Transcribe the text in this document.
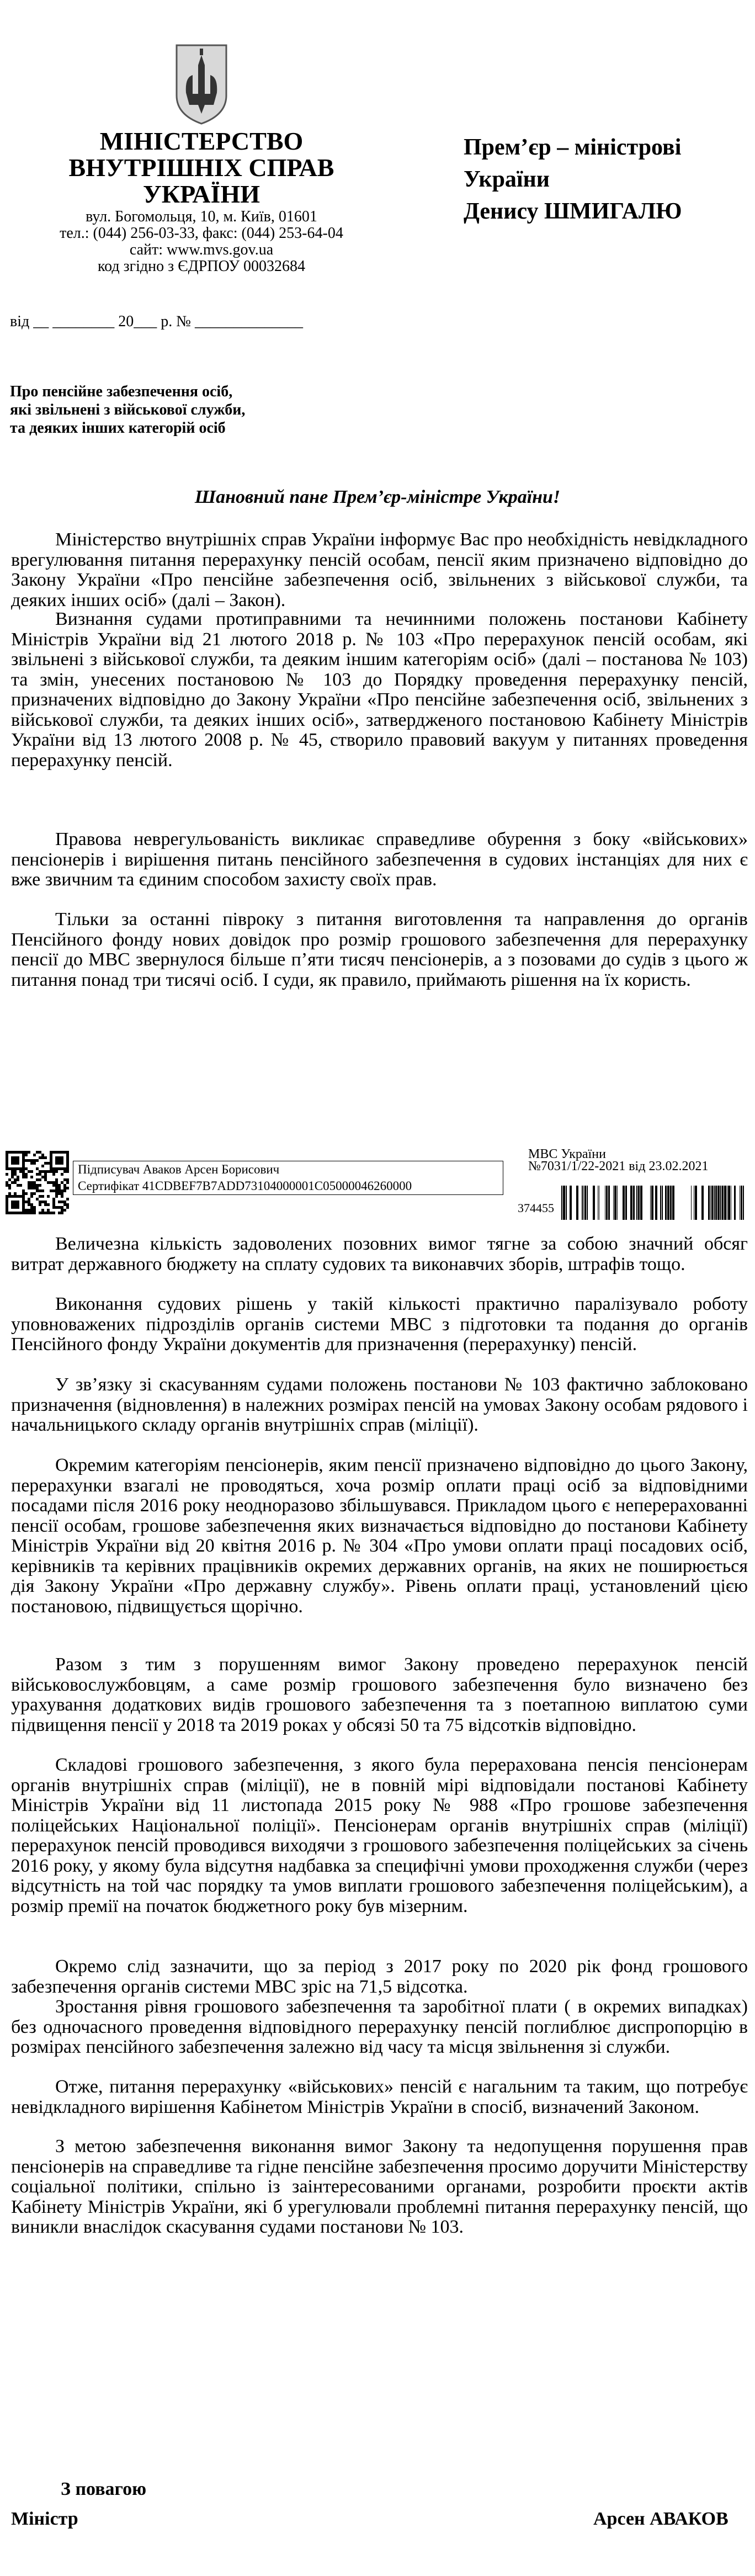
МІНІСТЕРСТВО
ВНУТРІШНІХ СПРАВ
УКРАЇНИ
вул. Богомольця, 10, м. Київ, 01601
тел.: (044) 256-03-33, факс: (044) 253-64-04
сайт: www.mvs.gov.ua
код згідно з ЄДРПОУ 00032684
Прем’єр – міністрові України
Денису ШМИГАЛЮ
від __ ________ 20___ р. № ______________
Про пенсійне забезпечення осіб,
які звільнені з військової служби,
та деяких інших категорій осіб
Шановний пане Прем’єр-міністре України!

Міністерство внутрішніх справ України інформує Вас про необхідність невідкладного врегулювання питання перерахунку пенсій особам, пенсії яким призначено відповідно до Закону України «Про пенсійне забезпечення осіб, звільнених з військової служби, та деяких інших осіб» (далі – Закон).

Визнання судами протиправними та нечинними положень постанови Кабінету Міністрів України від 21 лютого 2018 р. № 103 «Про перерахунок пенсій особам, які звільнені з військової служби, та деяким іншим категоріям осіб» (далі – постанова № 103) та змін, унесених постановою № 103 до Порядку проведення перерахунку пенсій, призначених відповідно до Закону України «Про пенсійне забезпечення осіб, звільнених з військової служби, та деяких інших осіб», затвердженого постановою Кабінету Міністрів України від 13 лютого 2008 р. № 45, створило правовий вакуум у питаннях проведення перерахунку пенсій.

Правова неврегульованість викликає справедливе обурення з боку «військових» пенсіонерів і вирішення питань пенсійного забезпечення в судових інстанціях для них є вже звичним та єдиним способом захисту своїх прав.

Тільки за останні півроку з питання виготовлення та направлення до органів Пенсійного фонду нових довідок про розмір грошового забезпечення для перерахунку пенсії до МВС звернулося більше п’яти тисяч пенсіонерів, а з позовами до судів з цього ж питання понад три тисячі осіб. І суди, як правило, приймають рішення на їх користь.

Підписувач Аваков Арсен Борисович
Сертифікат 41CDBEF7B7ADD73104000001C05000046260000
МВС України
№7031/1/22-2021 від 23.02.2021
374455

Величезна кількість задоволених позовних вимог тягне за собою значний обсяг витрат державного бюджету на сплату судових та виконавчих зборів, штрафів тощо.

Виконання судових рішень у такій кількості практично паралізувало роботу уповноважених підрозділів органів системи МВС з підготовки та подання до органів Пенсійного фонду України документів для призначення (перерахунку) пенсій.

У зв’язку зі скасуванням судами положень постанови № 103 фактично заблоковано призначення (відновлення) в належних розмірах пенсій на умовах Закону особам рядового і начальницького складу органів внутрішніх справ (міліції).

Окремим категоріям пенсіонерів, яким пенсії призначено відповідно до цього Закону, перерахунки взагалі не проводяться, хоча розмір оплати праці осіб за відповідними посадами після 2016 року неодноразово збільшувався. Прикладом цього є неперерахованні пенсії особам, грошове забезпечення яких визначається відповідно до постанови Кабінету Міністрів України від 20 квітня 2016 р. № 304 «Про умови оплати праці посадових осіб, керівників та керівних працівників окремих державних органів, на яких не поширюється дія Закону України «Про державну службу». Рівень оплати праці, установлений цією постановою, підвищується щорічно.

Разом з тим з порушенням вимог Закону проведено перерахунок пенсій військовослужбовцям, а саме розмір грошового забезпечення було визначено без урахування додаткових видів грошового забезпечення та з поетапною виплатою суми підвищення пенсії у 2018 та 2019 роках у обсязі 50 та 75 відсотків відповідно.

Складові грошового забезпечення, з якого була перерахована пенсія пенсіонерам органів внутрішніх справ (міліції), не в повній мірі відповідали постанові Кабінету Міністрів України від 11 листопада 2015 року № 988 «Про грошове забезпечення поліцейських Національної поліції». Пенсіонерам органів внутрішніх справ (міліції) перерахунок пенсій проводився виходячи з грошового забезпечення поліцейських за січень 2016 року, у якому була відсутня надбавка за специфічні умови проходження служби (через відсутність на той час порядку та умов виплати грошового забезпечення поліцейським), а розмір премії на початок бюджетного року був мізерним.

Окремо слід зазначити, що за період з 2017 року по 2020 рік фонд грошового забезпечення органів системи МВС зріс на 71,5 відсотка.

Зростання рівня грошового забезпечення та заробітної плати ( в окремих випадках) без одночасного проведення відповідного перерахунку пенсій поглиблює диспропорцію в розмірах пенсійного забезпечення залежно від часу та місця звільнення зі служби.

Отже, питання перерахунку «військових» пенсій є нагальним та таким, що потребує невідкладного вирішення Кабінетом Міністрів України в спосіб, визначений Законом.

З метою забезпечення виконання вимог Закону та недопущення порушення прав пенсіонерів на справедливе та гідне пенсійне забезпечення просимо доручити Міністерству соціальної політики, спільно із заінтересованими органами, розробити проєкти актів Кабінету Міністрів України, які б урегулювали проблемні питання перерахунку пенсій, що виникли внаслідок скасування судами постанови № 103.

З повагою
Міністр	Арсен АВАКОВ
